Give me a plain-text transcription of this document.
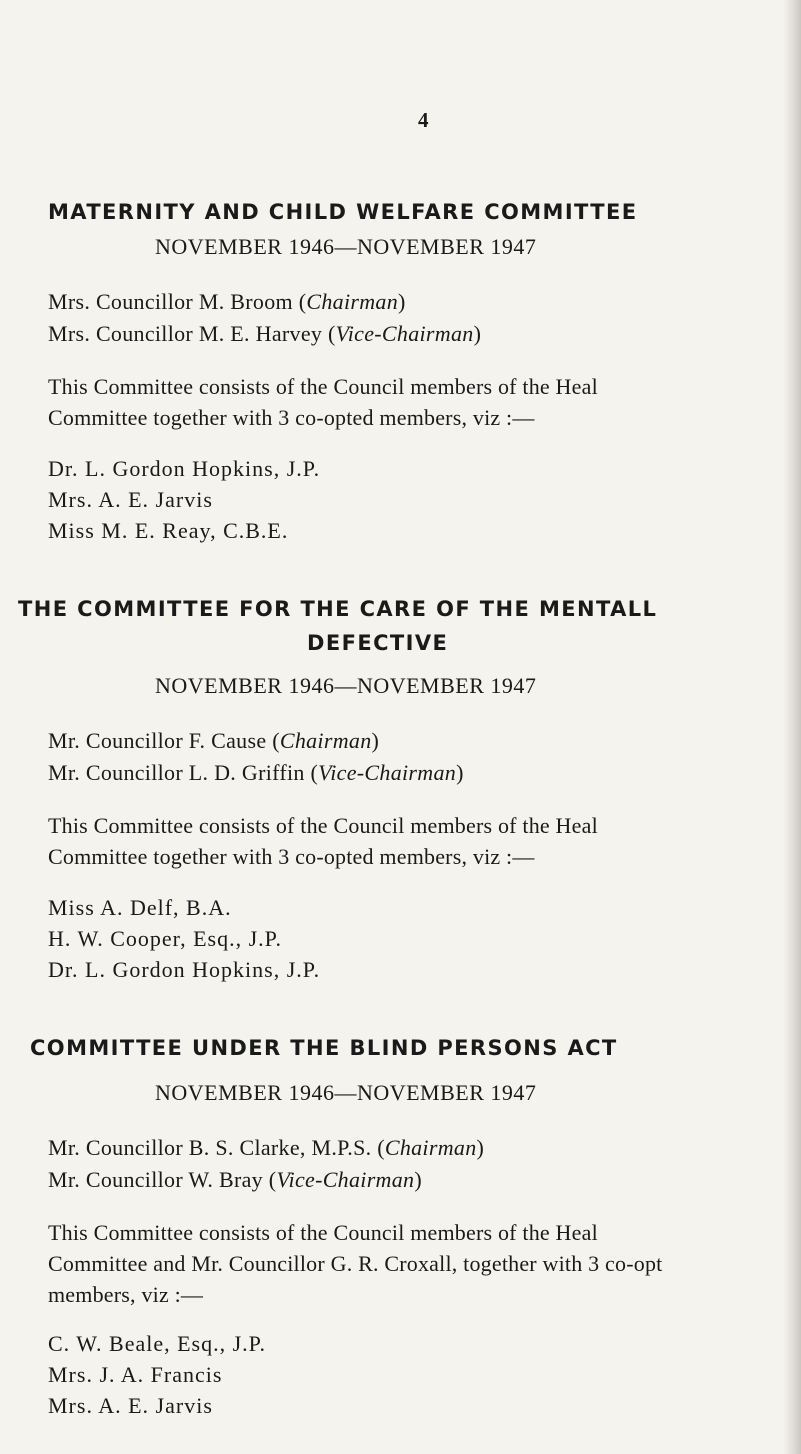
4
MATERNITY AND CHILD WELFARE COMMITTEE
NOVEMBER 1946—NOVEMBER 1947
Mrs. Councillor M. Broom (Chairman)
Mrs. Councillor M. E. Harvey (Vice-Chairman)
This Committee consists of the Council members of the Heal
Committee together with 3 co-opted members, viz :—
Dr. L. Gordon Hopkins, J.P.
Mrs. A. E. Jarvis
Miss M. E. Reay, C.B.E.
THE COMMITTEE FOR THE CARE OF THE MENTALL
DEFECTIVE
NOVEMBER 1946—NOVEMBER 1947
Mr. Councillor F. Cause (Chairman)
Mr. Councillor L. D. Griffin (Vice-Chairman)
This Committee consists of the Council members of the Heal
Committee together with 3 co-opted members, viz :—
Miss A. Delf, B.A.
H. W. Cooper, Esq., J.P.
Dr. L. Gordon Hopkins, J.P.
COMMITTEE UNDER THE BLIND PERSONS ACT
NOVEMBER 1946—NOVEMBER 1947
Mr. Councillor B. S. Clarke, M.P.S. (Chairman)
Mr. Councillor W. Bray (Vice-Chairman)
This Committee consists of the Council members of the Heal
Committee and Mr. Councillor G. R. Croxall, together with 3 co-opt
members, viz :—
C. W. Beale, Esq., J.P.
Mrs. J. A. Francis
Mrs. A. E. Jarvis
